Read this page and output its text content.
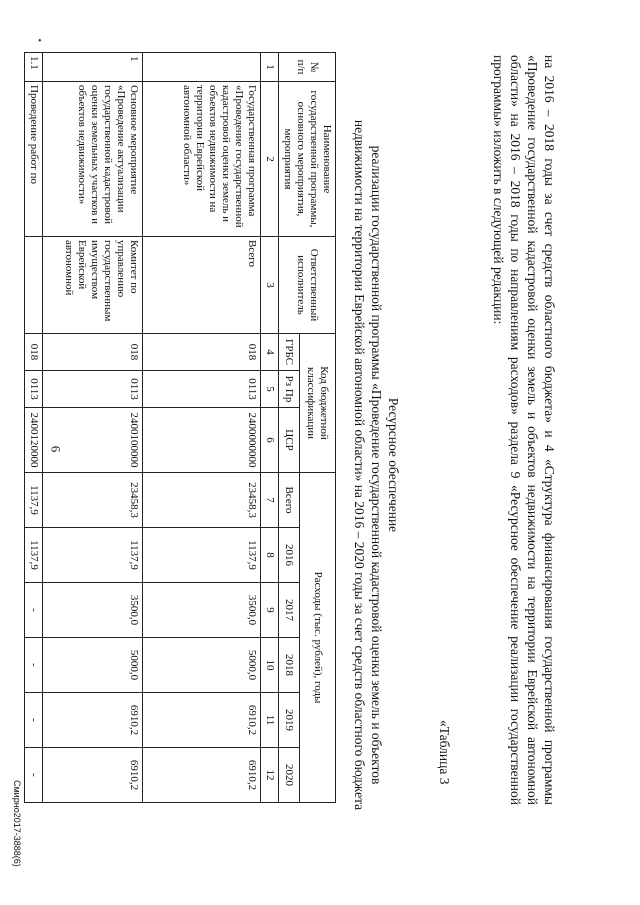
6
•

на 2016 – 2018 годы за счет средств областного бюджета» и 4 «Структура финансирования государственной программы «Проведение государственной кадастровой оценки земель и объектов недвижимости на территории Еврейской автономной области» на 2016 – 2018 годы по направлениям расходов» раздела 9 «Ресурсное обеспечение реализации государственной программы» изложить в следующей редакции:

«Таблица 3
Ресурсное обеспечение
реализации государственной программы «Проведение государственной кадастровой оценки земель и объектов
недвижимости на территории Еврейской автономной области» на 2016 – 2020 годы за счет средств областного бюджета
№ п/п	Наименование государственной программы, основного мероприятия, мероприятия	Ответственный исполнитель	Код бюджетной классификации			Расходы (тыс. рублей), годы					
			ГРБС	Рз Пр	ЦСР	Всего	2016	2017	2018	2019	2020
1	2	3	4	5	6	7	8	9	10	11	12
	Государственная программа «Проведение государственной кадастровой оценки земель и объектов недвижимости на территории Еврейской автономной области»	Всего	018	0113	2400000000	23458,3	1137,9	3500,0	5000,0	6910,2	6910,2
1	Основное мероприятие «Проведение актуализации государственной кадастровой оценки земельных участков и объектов недвижимости»	Комитет по управлению государственным имуществом Еврейской автономной	018	0113	2400100000	23458,3	1137,9	3500,0	5000,0	6910,2	6910,2
1.1	Проведение работ по		018	0113	2400120000	1137,9	1137,9	-	-	-	-
Смирно2017-3888(6)
